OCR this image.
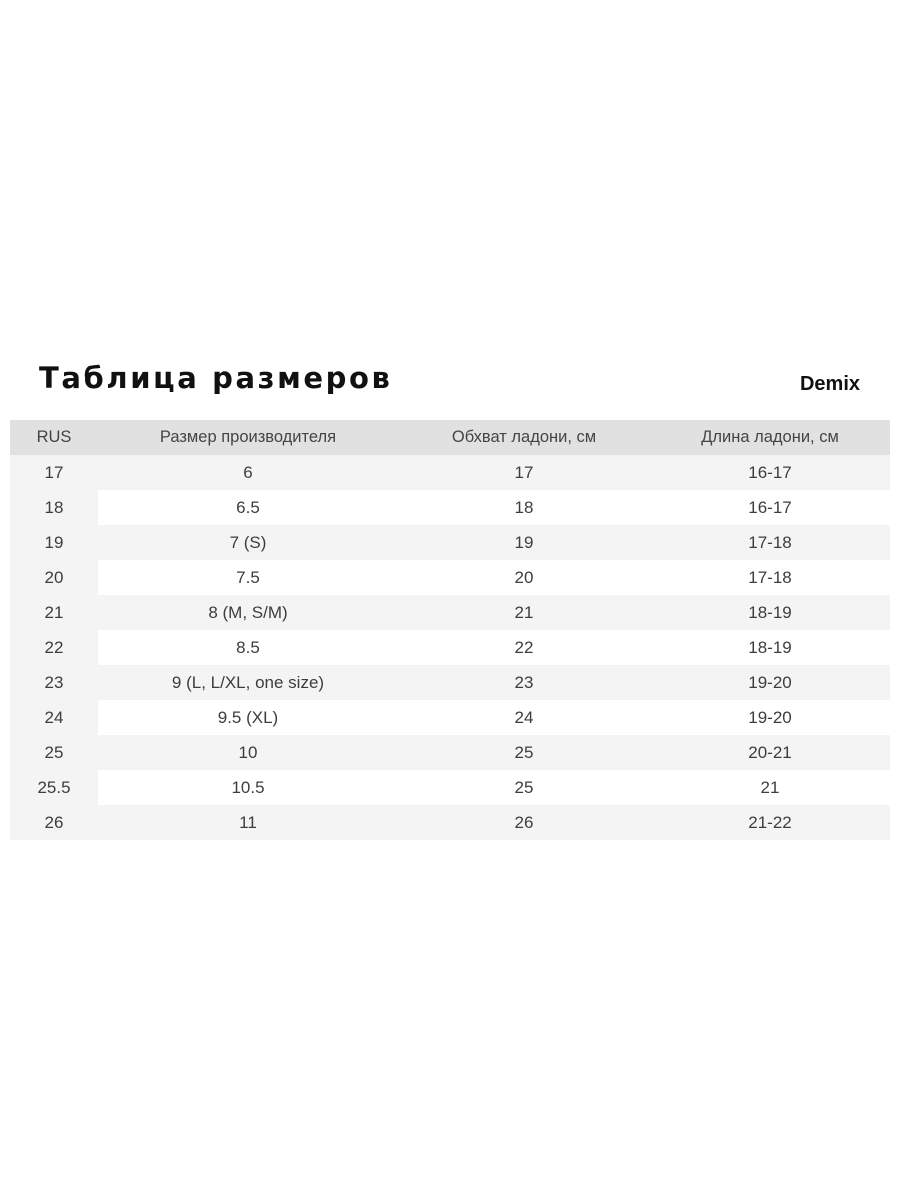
Таблица размеров	Demix
RUS	Размер производителя	Обхват ладони, см	Длина ладони, см
17	6	17	16-17
18	6.5	18	16-17
19	7 (S)	19	17-18
20	7.5	20	17-18
21	8 (M, S/M)	21	18-19
22	8.5	22	18-19
23	9 (L, L/XL, one size)	23	19-20
24	9.5 (XL)	24	19-20
25	10	25	20-21
25.5	10.5	25	21
26	11	26	21-22
